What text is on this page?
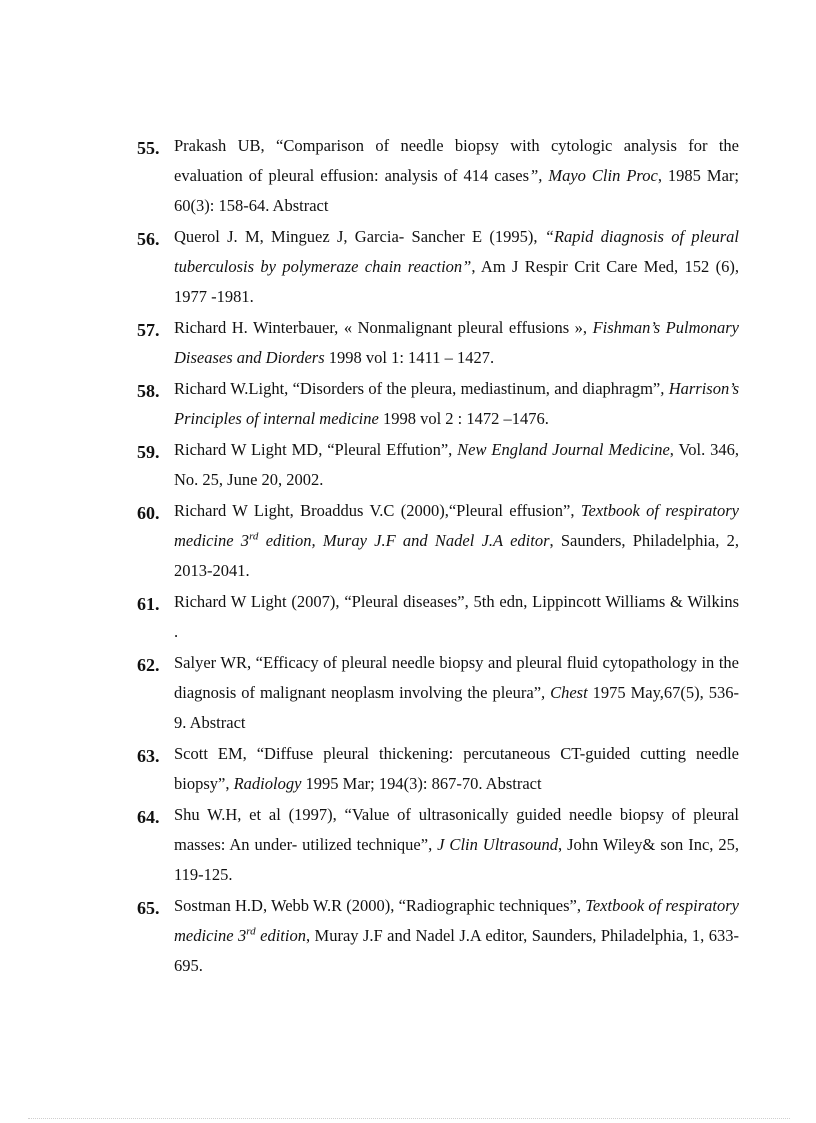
55. Prakash UB, “Comparison of needle biopsy with cytologic analysis for the evaluation of pleural effusion: analysis of 414 cases”, Mayo Clin Proc, 1985 Mar; 60(3): 158-64. Abstract
56. Querol J. M, Minguez J, Garcia- Sancher E (1995), “Rapid diagnosis of pleural tuberculosis by polymeraze chain reaction”, Am J Respir Crit Care Med, 152 (6), 1977 -1981.
57. Richard H. Winterbauer, « Nonmalignant pleural effusions », Fishman’s Pulmonary Diseases and Diorders 1998 vol 1: 1411 – 1427.
58. Richard W.Light, “Disorders of the pleura, mediastinum, and diaphragm”, Harrison’s Principles of internal medicine 1998 vol 2 : 1472 –1476.
59. Richard W Light MD, “Pleural Effution”, New England Journal Medicine, Vol. 346, No. 25, June 20, 2002.
60. Richard W Light, Broaddus V.C (2000),“Pleural effusion”, Textbook of respiratory medicine 3rd edition, Muray J.F and Nadel J.A editor, Saunders, Philadelphia, 2, 2013-2041.
61. Richard W Light (2007), “Pleural diseases”, 5th edn, Lippincott Williams & Wilkins .
62. Salyer WR, “Efficacy of pleural needle biopsy and pleural fluid cytopathology in the diagnosis of malignant neoplasm involving the pleura”, Chest 1975 May,67(5), 536-9. Abstract
63. Scott EM, “Diffuse pleural thickening: percutaneous CT-guided cutting needle biopsy”, Radiology 1995 Mar; 194(3): 867-70. Abstract
64. Shu W.H, et al (1997), “Value of ultrasonically guided needle biopsy of pleural masses: An under- utilized technique”, J Clin Ultrasound, John Wiley& son Inc, 25, 119-125.
65. Sostman H.D, Webb W.R (2000), “Radiographic techniques”, Textbook of respiratory medicine 3rd edition, Muray J.F and Nadel J.A editor, Saunders, Philadelphia, 1, 633-695.
